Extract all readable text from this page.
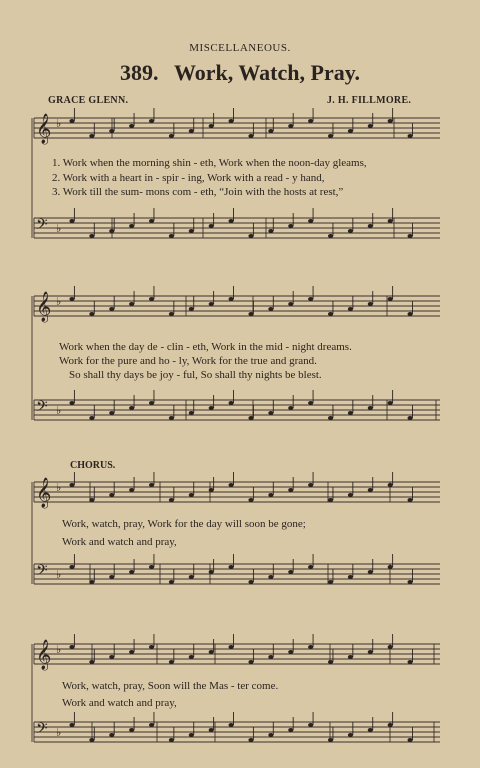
MISCELLANEOUS.
389. Work, Watch, Pray.
GRACE GLENN.	J. H. FILLMORE.
𝄞 ♭
𝄢 ♭
𝄞 ♭
𝄢 ♭
𝄞 ♭
𝄢 ♭
𝄞 ♭
𝄢 ♭
1. Work when the morning shin - eth, Work when the noon-day gleams,
2. Work with a heart in - spir - ing, Work with a read - y hand,
3. Work till the sum- mons com - eth, “Join with the hosts at rest,”
Work when the day de - clin - eth, Work in the mid - night dreams.
Work for the pure and ho - ly, Work for the true and grand.
So shall thy days be joy - ful, So shall thy nights be blest.
CHORUS.
Work, watch, pray, Work for the day will soon be gone;
Work and watch and pray,
Work, watch, pray, Soon will the Mas - ter come.
Work and watch and pray,
